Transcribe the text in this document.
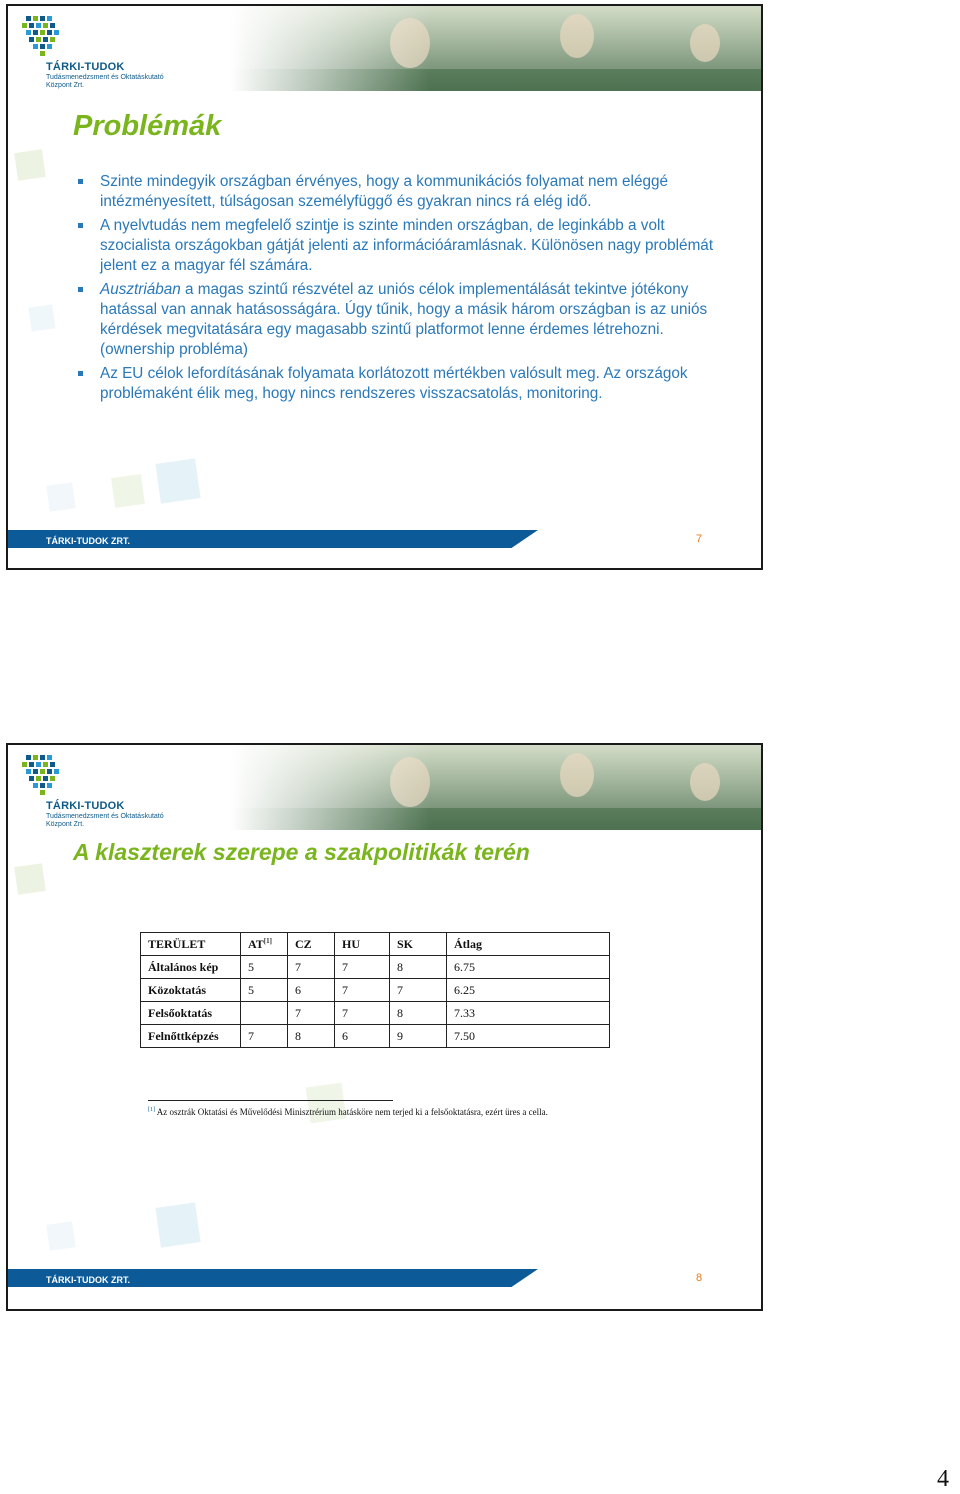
TÁRKI-TUDOK
Tudásmenedzsment és Oktatáskutató
Központ Zrt.
Problémák
Szinte mindegyik országban érvényes, hogy a kommunikációs folyamat nem eléggé intézményesített, túlságosan személyfüggő és gyakran nincs rá elég idő.
A nyelvtudás nem megfelelő szintje is szinte minden országban, de leginkább a volt szocialista országokban gátját jelenti az információáramlásnak. Különösen nagy problémát jelent ez a magyar fél számára.
Ausztriában a magas szintű részvétel az uniós célok implementálását tekintve jótékony hatással van annak hatásosságára. Úgy tűnik, hogy a másik három országban is az uniós kérdések megvitatására egy magasabb szintű platformot lenne érdemes létrehozni. (ownership probléma)
Az EU célok lefordításának folyamata korlátozott mértékben valósult meg. Az országok problémaként élik meg, hogy nincs rendszeres visszacsatolás, monitoring.
TÁRKI-TUDOK ZRT.	7
TÁRKI-TUDOK
Tudásmenedzsment és Oktatáskutató
Központ Zrt.
A klaszterek szerepe a szakpolitikák terén
TERÜLET	AT[1]	CZ	HU	SK	Átlag
Általános kép	5	7	7	8	6.75
Közoktatás	5	6	7	7	6.25
Felsőoktatás		7	7	8	7.33
Felnőttképzés	7	8	6	9	7.50
[1] Az osztrák Oktatási és Művelődési Minisztrérium hatásköre nem terjed ki a felsőoktatásra, ezért üres a cella.
TÁRKI-TUDOK ZRT.	8
4
